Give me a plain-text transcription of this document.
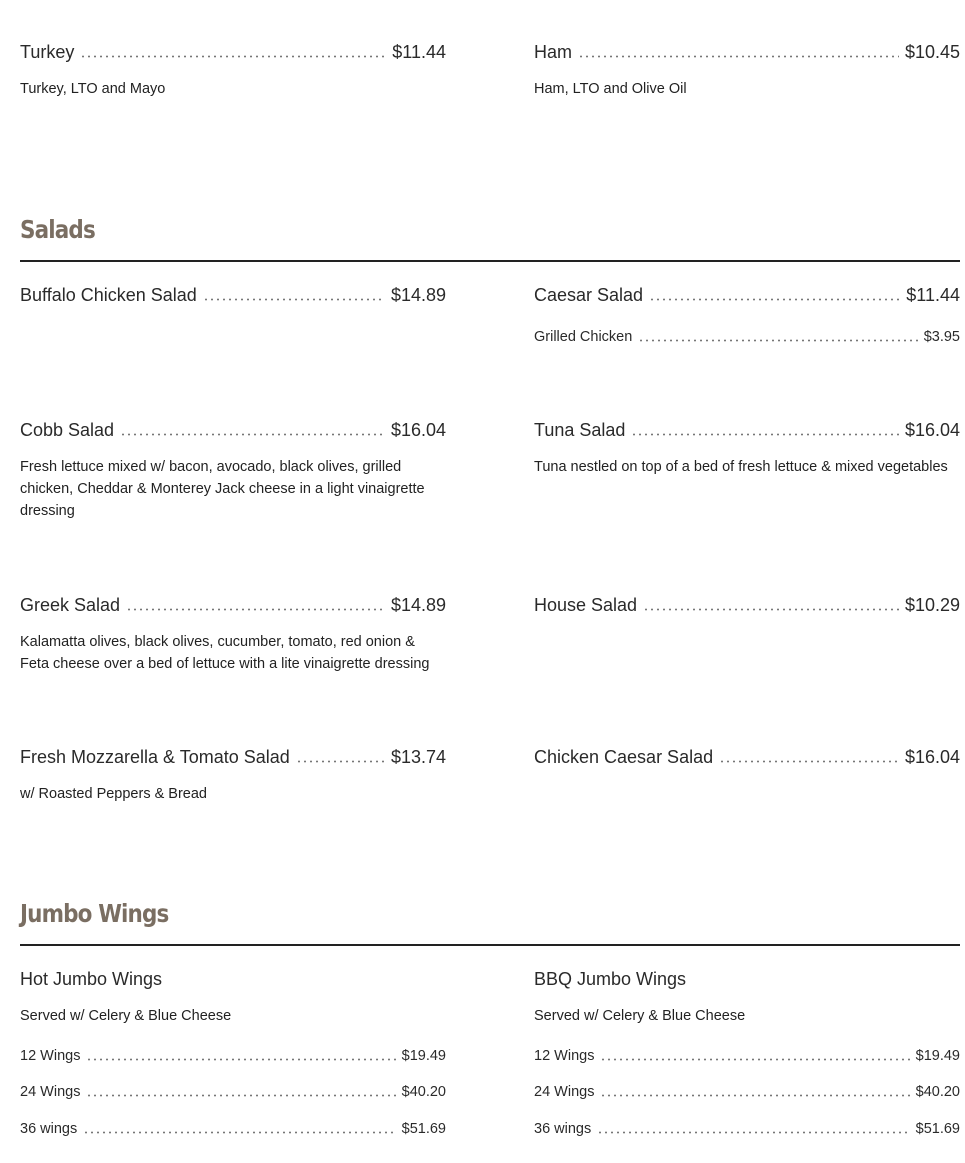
Turkey	$11.44
Turkey, LTO and Mayo
Ham	$10.45
Ham, LTO and Olive Oil
Salads
Buffalo Chicken Salad	$14.89	Caesar Salad	$11.44
Grilled Chicken	$3.95
Cobb Salad	$16.04
Fresh lettuce mixed w/ bacon, avocado, black olives, grilled chicken, Cheddar & Monterey Jack cheese in a light vinaigrette dressing
Tuna Salad	$16.04
Tuna nestled on top of a bed of fresh lettuce & mixed vegetables
Greek Salad	$14.89
Kalamatta olives, black olives, cucumber, tomato, red onion & Feta cheese over a bed of lettuce with a lite vinaigrette dressing
House Salad	$10.29
Fresh Mozzarella & Tomato Salad	$13.74
w/ Roasted Peppers & Bread
Chicken Caesar Salad	$16.04
Jumbo Wings
Hot Jumbo Wings
Served w/ Celery & Blue Cheese
12 Wings	$19.49
24 Wings	$40.20
36 wings	$51.69
BBQ Jumbo Wings
Served w/ Celery & Blue Cheese
12 Wings	$19.49
24 Wings	$40.20
36 wings	$51.69
